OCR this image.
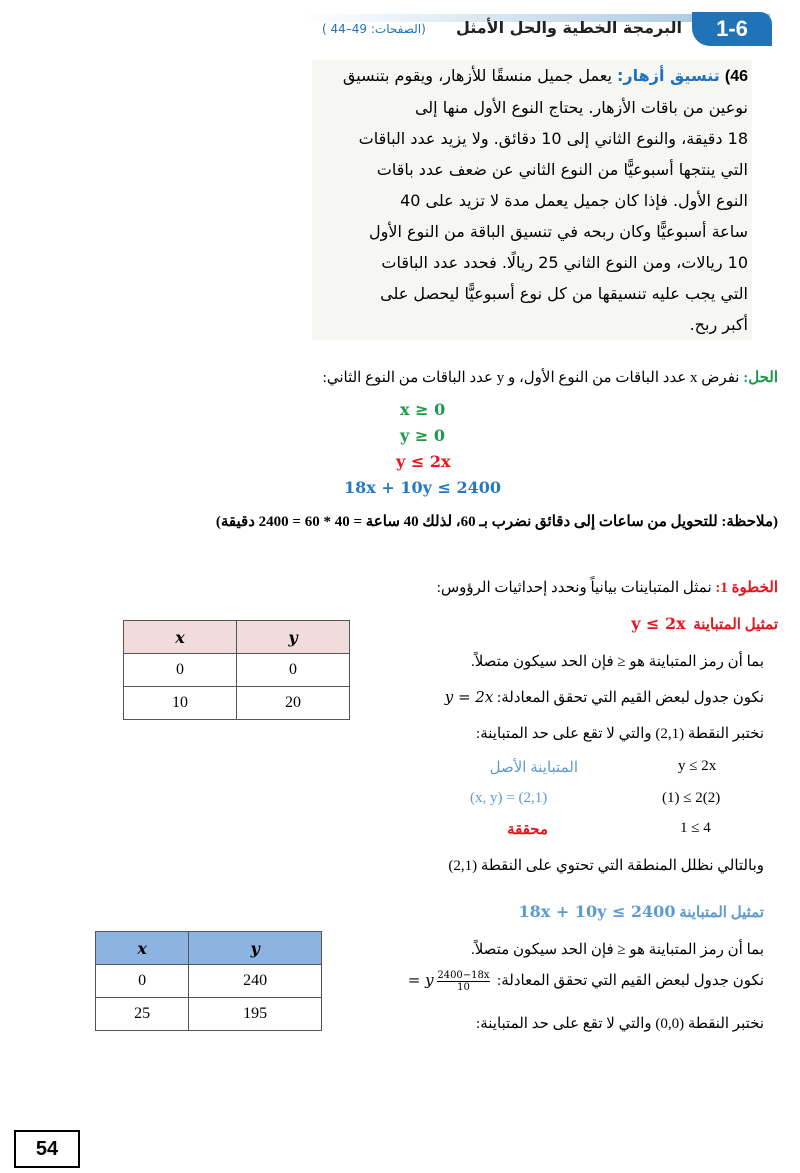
1-6
البرمجة الخطية والحل الأمثل
(الصفحات: 49–44 )

46) تنسيق أزهار: يعمل جميل منسقًا للأزهار، ويقوم بتنسيق

نوعين من باقات الأزهار. يحتاج النوع الأول منها إلى

18 دقيقة، والنوع الثاني إلى 10 دقائق. ولا يزيد عدد الباقات

التي ينتجها أسبوعيًّا من النوع الثاني عن ضعف عدد باقات

النوع الأول. فإذا كان جميل يعمل مدة لا تزيد على 40

ساعة أسبوعيًّا وكان ربحه في تنسيق الباقة من النوع الأول

10 ريالات، ومن النوع الثاني 25 ريالًا. فحدد عدد الباقات

التي يجب عليه تنسيقها من كل نوع أسبوعيًّا ليحصل على

أكبر ربح.

الحل: نفرض x عدد الباقات من النوع الأول، و y عدد الباقات من النوع الثاني:
x ≥ 0
y ≥ 0
y ≤ 2x
18x + 10y ≤ 2400
(ملاحظة: للتحويل من ساعات إلى دقائق نضرب بـ 60، لذلك 40 ساعة = 40 * 60 = 2400 دقيقة)
الخطوة 1: نمثل المتباينات بيانياً ونحدد إحداثيات الرؤوس:
تمثيل المتباينة  y ≤ 2x
بما أن رمز المتباينة هو ≤ فإن الحد سيكون متصلاً.
نكون جدول لبعض القيم التي تحقق المعادلة: y = 2x
نختبر النقطة (2,1) والتي لا تقع على حد المتباينة:
y ≤ 2x
المتباينة الأصل
(1) ≤ 2(2)
(x, y) = (2,1)
1 ≤ 4
محققة
وبالتالي نظلل المنطقة التي تحتوي على النقطة (2,1)
x	y
0	0
10	20
تمثيل المتباينة 18x + 10y ≤ 2400
بما أن رمز المتباينة هو ≤ فإن الحد سيكون متصلاً.
نكون جدول لبعض القيم التي تحقق المعادلة:
$\frac{2400-18x}{10}$
y =
نختبر النقطة (0,0) والتي لا تقع على حد المتباينة:
x	y
0	240
25	195
54
